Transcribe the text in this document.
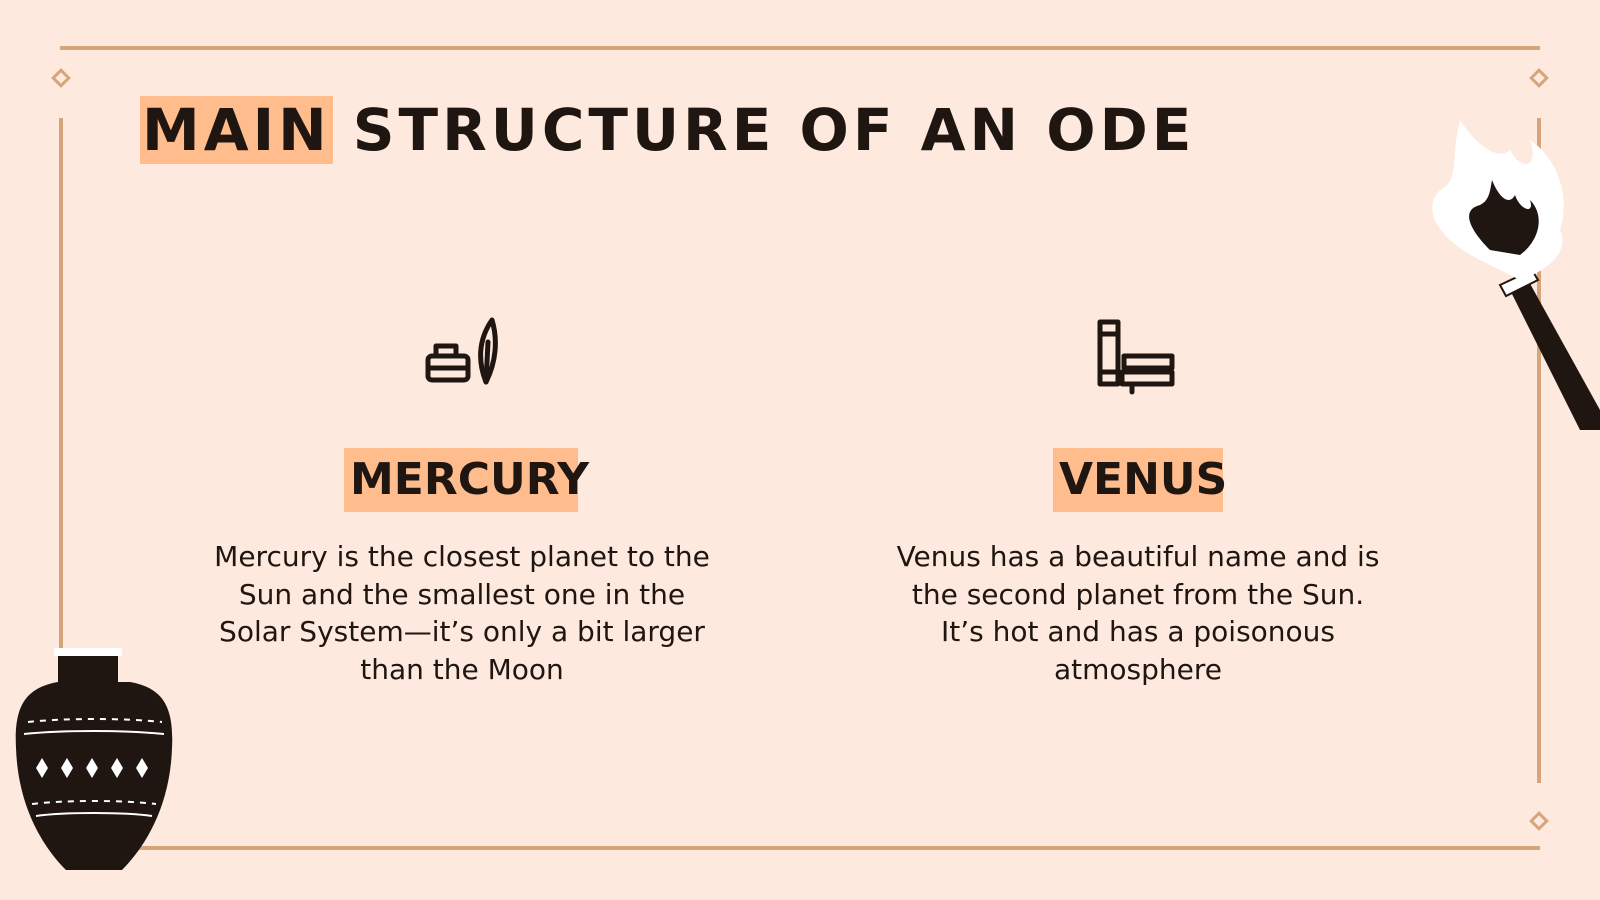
MAIN STRUCTURE OF AN ODE
MERCURY	VENUS
Mercury is the closest planet to the Sun and the smallest one in the Solar System—it’s only a bit larger than the Moon
Venus has a beautiful name and is the second planet from the Sun. It’s hot and has a poisonous atmosphere
